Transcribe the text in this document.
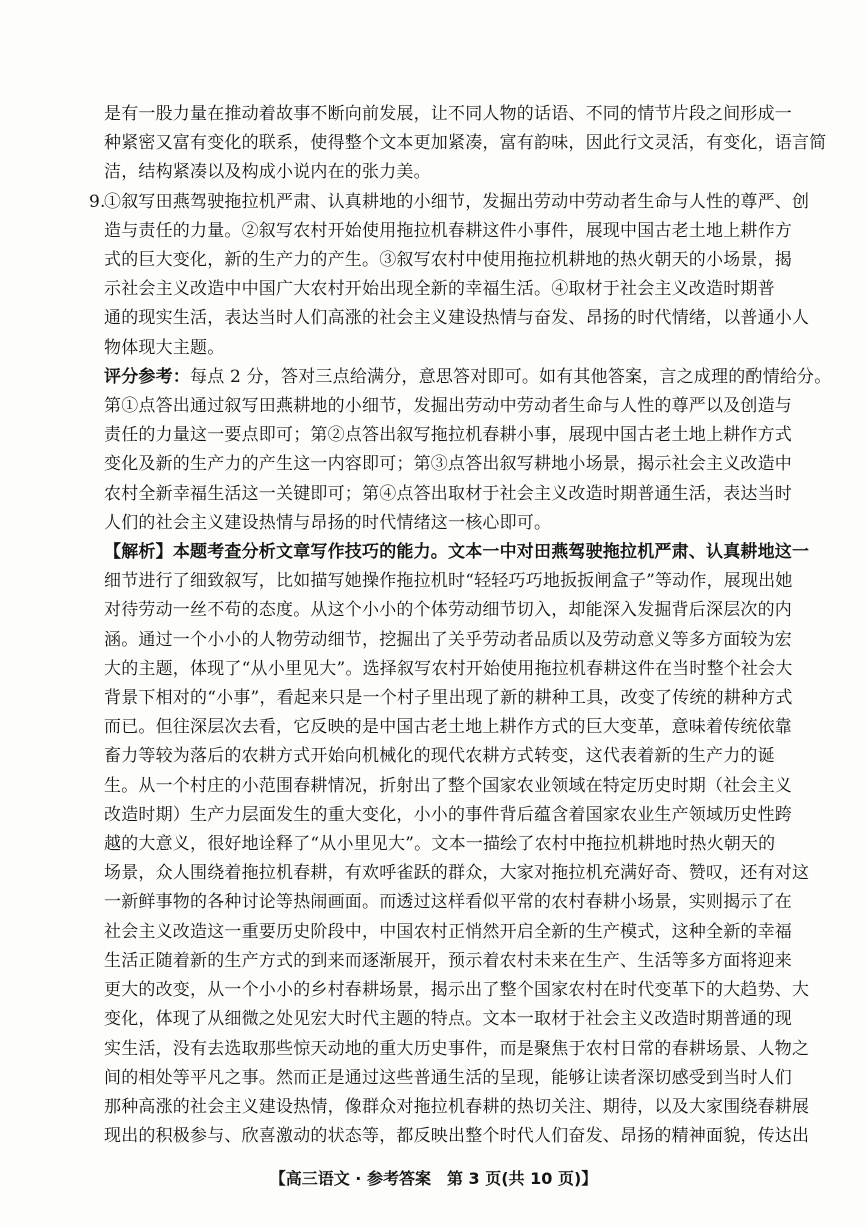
是有一股力量在推动着故事不断向前发展，让不同人物的话语、不同的情节片段之间形成一
种紧密又富有变化的联系，使得整个文本更加紧凑，富有韵味，因此行文灵活，有变化，语言简
洁，结构紧凑以及构成小说内在的张力美。
9.
①叙写田燕驾驶拖拉机严肃、认真耕地的小细节，发掘出劳动中劳动者生命与人性的尊严、创
造与责任的力量。②叙写农村开始使用拖拉机春耕这件小事件，展现中国古老土地上耕作方
式的巨大变化，新的生产力的产生。③叙写农村中使用拖拉机耕地的热火朝天的小场景，揭
示社会主义改造中中国广大农村开始出现全新的幸福生活。④取材于社会主义改造时期普
通的现实生活，表达当时人们高涨的社会主义建设热情与奋发、昂扬的时代情绪，以普通小人
物体现大主题。
评分参考：每点 2 分，答对三点给满分，意思答对即可。如有其他答案，言之成理的酌情给分。
第①点答出通过叙写田燕耕地的小细节，发掘出劳动中劳动者生命与人性的尊严以及创造与
责任的力量这一要点即可；第②点答出叙写拖拉机春耕小事，展现中国古老土地上耕作方式
变化及新的生产力的产生这一内容即可；第③点答出叙写耕地小场景，揭示社会主义改造中
农村全新幸福生活这一关键即可；第④点答出取材于社会主义改造时期普通生活，表达当时
人们的社会主义建设热情与昂扬的时代情绪这一核心即可。
【解析】本题考查分析文章写作技巧的能力。文本一中对田燕驾驶拖拉机严肃、认真耕地这一
细节进行了细致叙写，比如描写她操作拖拉机时“轻轻巧巧地扳扳闸盒子”等动作，展现出她
对待劳动一丝不苟的态度。从这个小小的个体劳动细节切入，却能深入发掘背后深层次的内
涵。通过一个小小的人物劳动细节，挖掘出了关乎劳动者品质以及劳动意义等多方面较为宏
大的主题，体现了“从小里见大”。选择叙写农村开始使用拖拉机春耕这件在当时整个社会大
背景下相对的“小事”，看起来只是一个村子里出现了新的耕种工具，改变了传统的耕种方式
而已。但往深层次去看，它反映的是中国古老土地上耕作方式的巨大变革，意味着传统依靠
畜力等较为落后的农耕方式开始向机械化的现代农耕方式转变，这代表着新的生产力的诞
生。从一个村庄的小范围春耕情况，折射出了整个国家农业领域在特定历史时期（社会主义
改造时期）生产力层面发生的重大变化，小小的事件背后蕴含着国家农业生产领域历史性跨
越的大意义，很好地诠释了“从小里见大”。文本一描绘了农村中拖拉机耕地时热火朝天的
场景，众人围绕着拖拉机春耕，有欢呼雀跃的群众，大家对拖拉机充满好奇、赞叹，还有对这
一新鲜事物的各种讨论等热闹画面。而透过这样看似平常的农村春耕小场景，实则揭示了在
社会主义改造这一重要历史阶段中，中国农村正悄然开启全新的生产模式，这种全新的幸福
生活正随着新的生产方式的到来而逐渐展开，预示着农村未来在生产、生活等多方面将迎来
更大的改变，从一个小小的乡村春耕场景，揭示出了整个国家农村在时代变革下的大趋势、大
变化，体现了从细微之处见宏大时代主题的特点。文本一取材于社会主义改造时期普通的现
实生活，没有去选取那些惊天动地的重大历史事件，而是聚焦于农村日常的春耕场景、人物之
间的相处等平凡之事。然而正是通过这些普通生活的呈现，能够让读者深切感受到当时人们
那种高涨的社会主义建设热情，像群众对拖拉机春耕的热切关注、期待，以及大家围绕春耕展
现出的积极参与、欣喜激动的状态等，都反映出整个时代人们奋发、昂扬的精神面貌，传达出
【高三语文 · 参考答案　第 3 页(共 10 页)】
